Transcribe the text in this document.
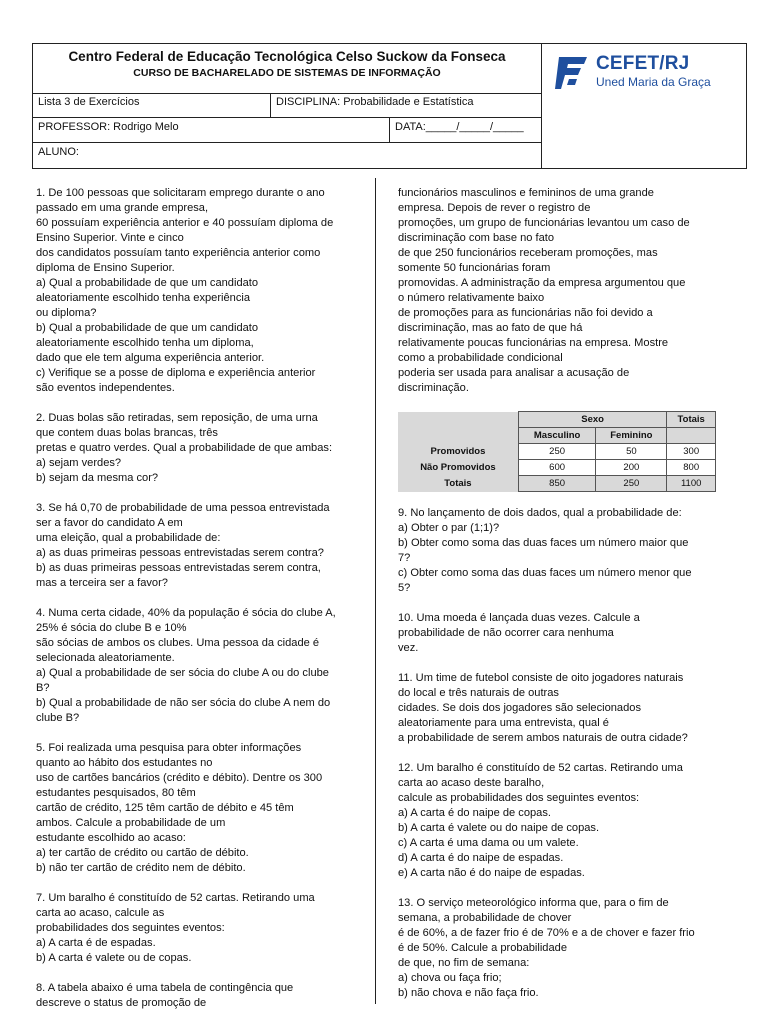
Centro Federal de Educação Tecnológica Celso Suckow da Fonseca
CURSO DE BACHARELADO DE SISTEMAS DE INFORMAÇÃO
Lista 3 de Exercícios	DISCIPLINA: Probabilidade e Estatística
PROFESSOR: Rodrigo Melo	DATA:_____/_____/_____
ALUNO:
CEFET/RJ
Uned Maria da Graça
1. De 100 pessoas que solicitaram emprego durante o ano
passado em uma grande empresa,
60 possuíam experiência anterior e 40 possuíam diploma de
Ensino Superior. Vinte e cinco
dos candidatos possuíam tanto experiência anterior como
diploma de Ensino Superior.
a) Qual a probabilidade de que um candidato
aleatoriamente escolhido tenha experiência
ou diploma?
b) Qual a probabilidade de que um candidato
aleatoriamente escolhido tenha um diploma,
dado que ele tem alguma experiência anterior.
c) Verifique se a posse de diploma e experiência anterior
são eventos independentes.
2. Duas bolas são retiradas, sem reposição, de uma urna
que contem duas bolas brancas, três
pretas e quatro verdes. Qual a probabilidade de que ambas:
a) sejam verdes?
b) sejam da mesma cor?
3. Se há 0,70 de probabilidade de uma pessoa entrevistada
ser a favor do candidato A em
uma eleição, qual a probabilidade de:
a) as duas primeiras pessoas entrevistadas serem contra?
b) as duas primeiras pessoas entrevistadas serem contra,
mas a terceira ser a favor?
4. Numa certa cidade, 40% da população é sócia do clube A,
25% é sócia do clube B e 10%
são sócias de ambos os clubes. Uma pessoa da cidade é
selecionada aleatoriamente.
a) Qual a probabilidade de ser sócia do clube A ou do clube
B?
b) Qual a probabilidade de não ser sócia do clube A nem do
clube B?
5. Foi realizada uma pesquisa para obter informações
quanto ao hábito dos estudantes no
uso de cartões bancários (crédito e débito). Dentre os 300
estudantes pesquisados, 80 têm
cartão de crédito, 125 têm cartão de débito e 45 têm
ambos. Calcule a probabilidade de um
estudante escolhido ao acaso:
a) ter cartão de crédito ou cartão de débito.
b) não ter cartão de crédito nem de débito.
7. Um baralho é constituído de 52 cartas. Retirando uma
carta ao acaso, calcule as
probabilidades dos seguintes eventos:
a) A carta é de espadas.
b) A carta é valete ou de copas.
8. A tabela abaixo é uma tabela de contingência que
descreve o status de promoção de
funcionários masculinos e femininos de uma grande
empresa. Depois de rever o registro de
promoções, um grupo de funcionárias levantou um caso de
discriminação com base no fato
de que 250 funcionários receberam promoções, mas
somente 50 funcionárias foram
promovidas. A administração da empresa argumentou que
o número relativamente baixo
de promoções para as funcionárias não foi devido a
discriminação, mas ao fato de que há
relativamente poucas funcionárias na empresa. Mostre
como a probabilidade condicional
poderia ser usada para analisar a acusação de
discriminação.
	Sexo		Totais
	Masculino	Feminino	
Promovidos	250	50	300
Não Promovidos	600	200	800
Totais	850	250	1100
9. No lançamento de dois dados, qual a probabilidade de:
a) Obter o par (1;1)?
b) Obter como soma das duas faces um número maior que
7?
c) Obter como soma das duas faces um número menor que
5?
10. Uma moeda é lançada duas vezes. Calcule a
probabilidade de não ocorrer cara nenhuma
vez.
11. Um time de futebol consiste de oito jogadores naturais
do local e três naturais de outras
cidades. Se dois dos jogadores são selecionados
aleatoriamente para uma entrevista, qual é
a probabilidade de serem ambos naturais de outra cidade?
12. Um baralho é constituído de 52 cartas. Retirando uma
carta ao acaso deste baralho,
calcule as probabilidades dos seguintes eventos:
a) A carta é do naipe de copas.
b) A carta é valete ou do naipe de copas.
c) A carta é uma dama ou um valete.
d) A carta é do naipe de espadas.
e) A carta não é do naipe de espadas.
13. O serviço meteorológico informa que, para o fim de
semana, a probabilidade de chover
é de 60%, a de fazer frio é de 70% e a de chover e fazer frio
é de 50%. Calcule a probabilidade
de que, no fim de semana:
a) chova ou faça frio;
b) não chova e não faça frio.
